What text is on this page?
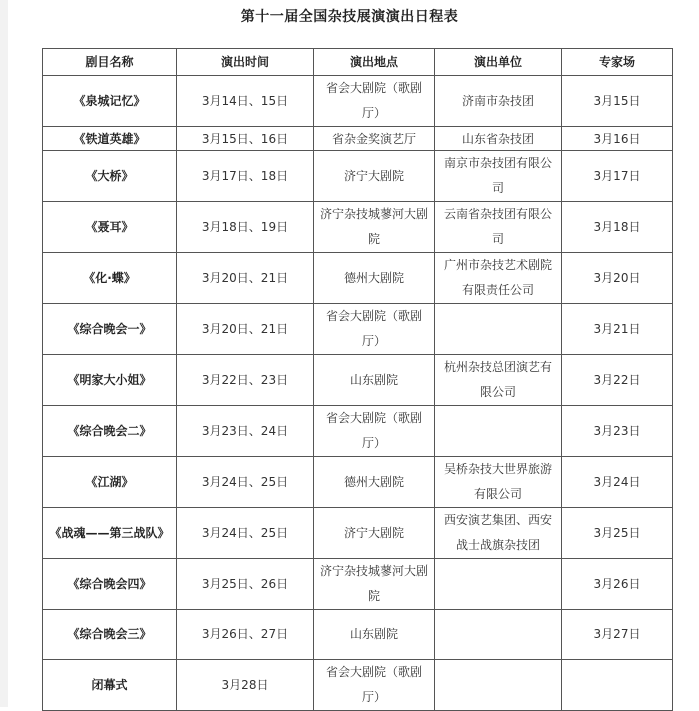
第十一届全国杂技展演演出日程表
剧目名称	演出时间	演出地点	演出单位	专家场
《泉城记忆》	3月14日、15日	省会大剧院（歌剧厅）	济南市杂技团	3月15日
《铁道英雄》	3月15日、16日	省杂金奖演艺厅	山东省杂技团	3月16日
《大桥》	3月17日、18日	济宁大剧院	南京市杂技团有限公司	3月17日
《聂耳》	3月18日、19日	济宁杂技城蓼河大剧院	云南省杂技团有限公司	3月18日
《化·蝶》	3月20日、21日	德州大剧院	广州市杂技艺术剧院有限责任公司	3月20日
《综合晚会一》	3月20日、21日	省会大剧院（歌剧厅）		3月21日
《明家大小姐》	3月22日、23日	山东剧院	杭州杂技总团演艺有限公司	3月22日
《综合晚会二》	3月23日、24日	省会大剧院（歌剧厅）		3月23日
《江湖》	3月24日、25日	德州大剧院	吴桥杂技大世界旅游有限公司	3月24日
《战魂——第三战队》	3月24日、25日	济宁大剧院	西安演艺集团、西安战士战旗杂技团	3月25日
《综合晚会四》	3月25日、26日	济宁杂技城蓼河大剧院		3月26日
《综合晚会三》	3月26日、27日	山东剧院		3月27日
闭幕式	3月28日	省会大剧院（歌剧厅）		
